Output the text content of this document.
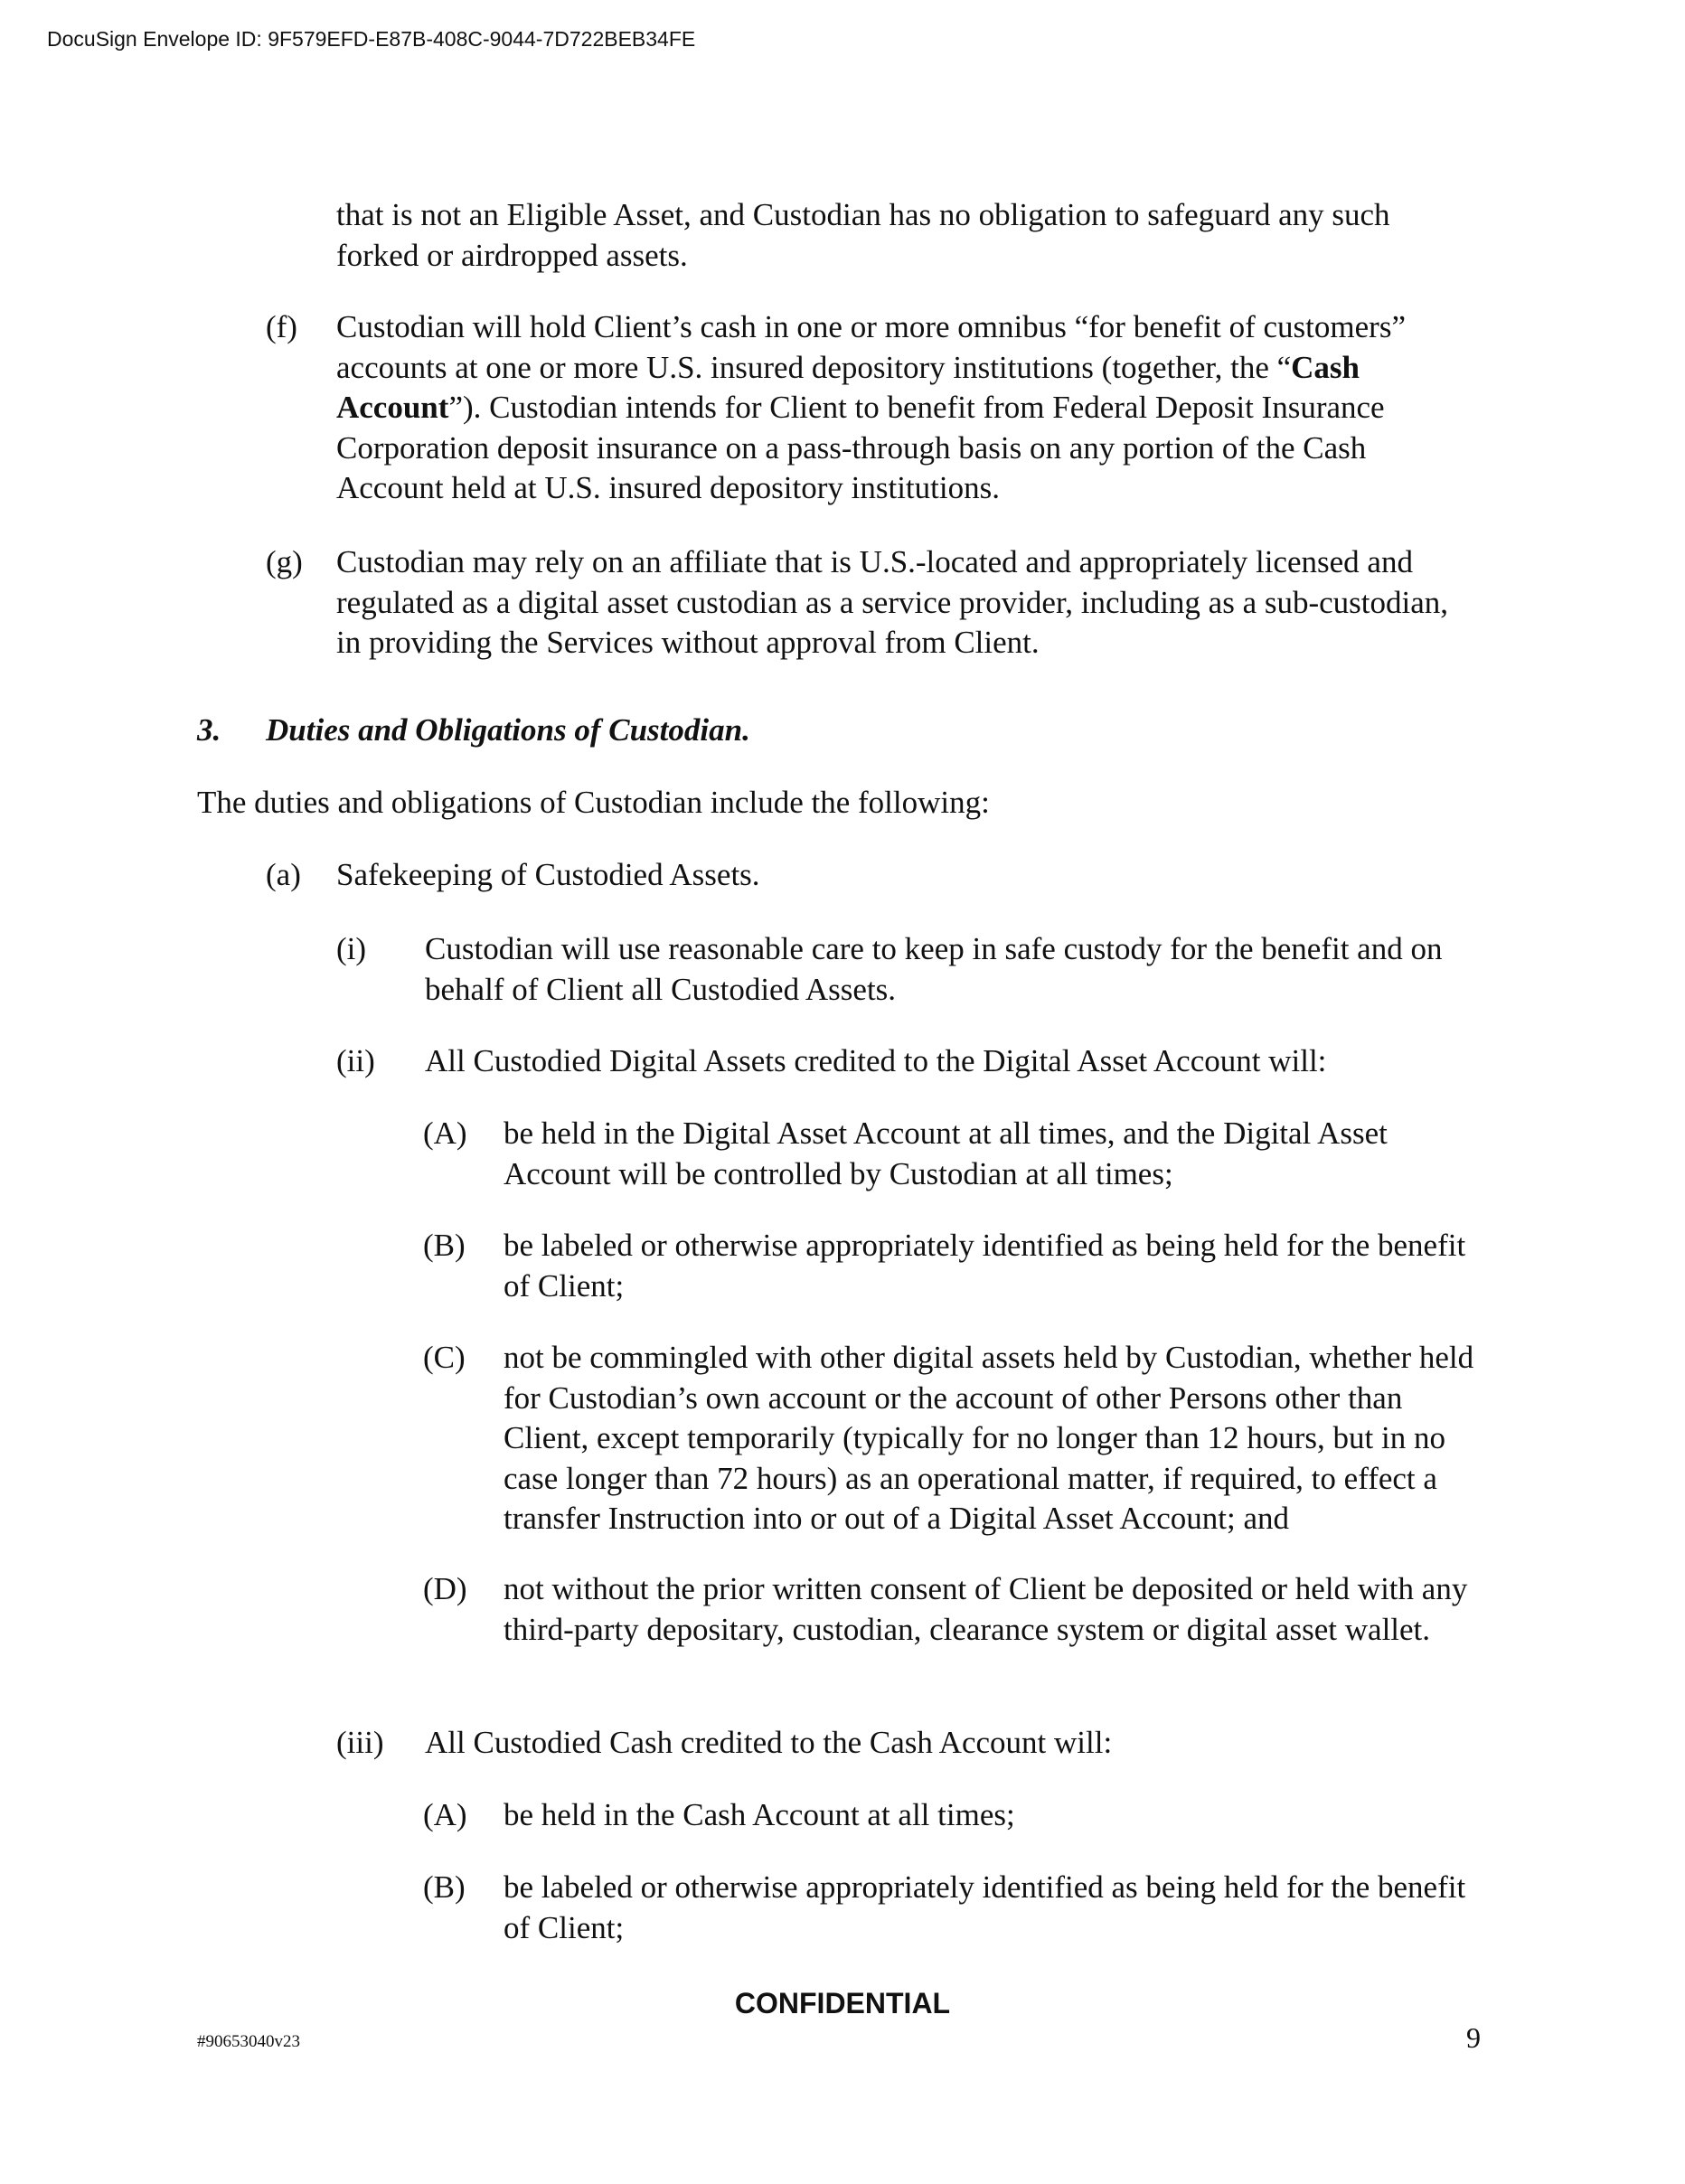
DocuSign Envelope ID: 9F579EFD-E87B-408C-9044-7D722BEB34FE

that is not an Eligible Asset, and Custodian has no obligation to safeguard any such forked or airdropped assets.

(f) Custodian will hold Client’s cash in one or more omnibus “for benefit of customers” accounts at one or more U.S. insured depository institutions (together, the “Cash Account”). Custodian intends for Client to benefit from Federal Deposit Insurance Corporation deposit insurance on a pass-through basis on any portion of the Cash Account held at U.S. insured depository institutions.

(g) Custodian may rely on an affiliate that is U.S.-located and appropriately licensed and regulated as a digital asset custodian as a service provider, including as a sub-custodian, in providing the Services without approval from Client.

3. Duties and Obligations of Custodian.

The duties and obligations of Custodian include the following:

(a) Safekeeping of Custodied Assets.

(i) Custodian will use reasonable care to keep in safe custody for the benefit and on behalf of Client all Custodied Assets.

(ii) All Custodied Digital Assets credited to the Digital Asset Account will:

(A) be held in the Digital Asset Account at all times, and the Digital Asset Account will be controlled by Custodian at all times;

(B) be labeled or otherwise appropriately identified as being held for the benefit of Client;

(C) not be commingled with other digital assets held by Custodian, whether held for Custodian’s own account or the account of other Persons other than Client, except temporarily (typically for no longer than 12 hours, but in no case longer than 72 hours) as an operational matter, if required, to effect a transfer Instruction into or out of a Digital Asset Account; and

(D) not without the prior written consent of Client be deposited or held with any third-party depositary, custodian, clearance system or digital asset wallet.

(iii) All Custodied Cash credited to the Cash Account will:

(A) be held in the Cash Account at all times;

(B) be labeled or otherwise appropriately identified as being held for the benefit of Client;

CONFIDENTIAL
#90653040v23	9
